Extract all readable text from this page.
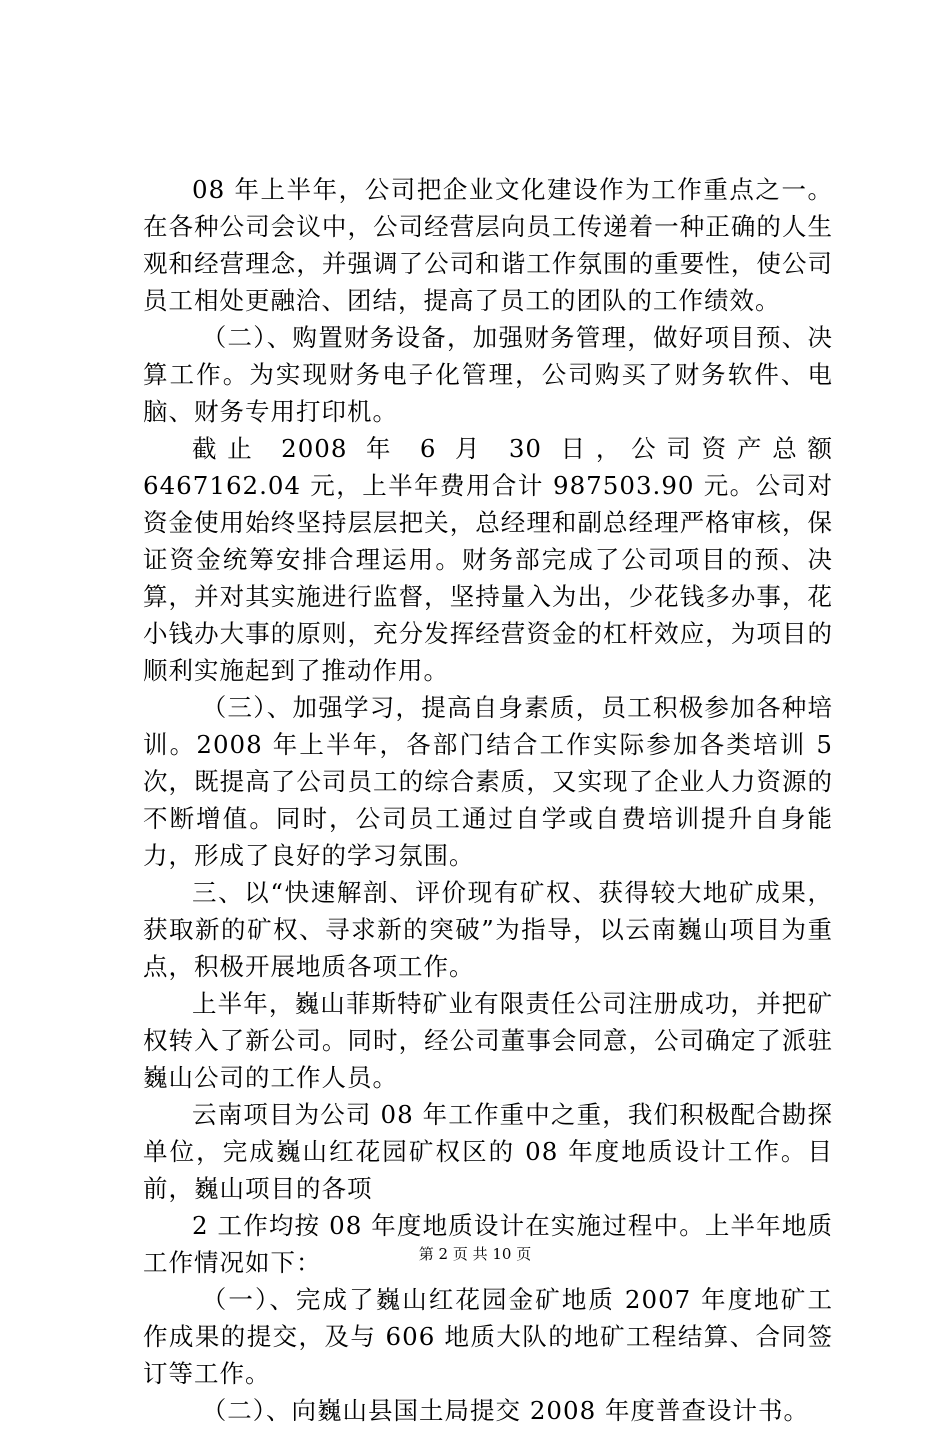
08 年上半年，公司把企业文化建设作为工作重点之一。在各种公司会议中，公司经营层向员工传递着一种正确的人生观和经营理念，并强调了公司和谐工作氛围的重要性，使公司员工相处更融洽、团结，提高了员工的团队的工作绩效。

（二）、购置财务设备，加强财务管理，做好项目预、决算工作。为实现财务电子化管理，公司购买了财务软件、电脑、财务专用打印机。

截止 2008 年 6 月 30 日，公司资产总额 6467162.04 元，上半年费用合计 987503.90 元。公司对资金使用始终坚持层层把关，总经理和副总经理严格审核，保证资金统筹安排合理运用。财务部完成了公司项目的预、决算，并对其实施进行监督，坚持量入为出，少花钱多办事，花小钱办大事的原则，充分发挥经营资金的杠杆效应，为项目的顺利实施起到了推动作用。

（三）、加强学习，提高自身素质，员工积极参加各种培训。2008 年上半年，各部门结合工作实际参加各类培训 5 次，既提高了公司员工的综合素质，又实现了企业人力资源的不断增值。同时，公司员工通过自学或自费培训提升自身能力，形成了良好的学习氛围。

三、以“快速解剖、评价现有矿权、获得较大地矿成果，获取新的矿权、寻求新的突破”为指导，以云南巍山项目为重点，积极开展地质各项工作。

上半年，巍山菲斯特矿业有限责任公司注册成功，并把矿权转入了新公司。同时，经公司董事会同意，公司确定了派驻巍山公司的工作人员。

云南项目为公司 08 年工作重中之重，我们积极配合勘探单位，完成巍山红花园矿权区的 08 年度地质设计工作。目前，巍山项目的各项

2 工作均按 08 年度地质设计在实施过程中。上半年地质工作情况如下：

（一）、完成了巍山红花园金矿地质 2007 年度地矿工作成果的提交，及与 606 地质大队的地矿工程结算、合同签订等工作。

（二）、向巍山县国土局提交 2008 年度普查设计书。

第 2 页 共 10 页
